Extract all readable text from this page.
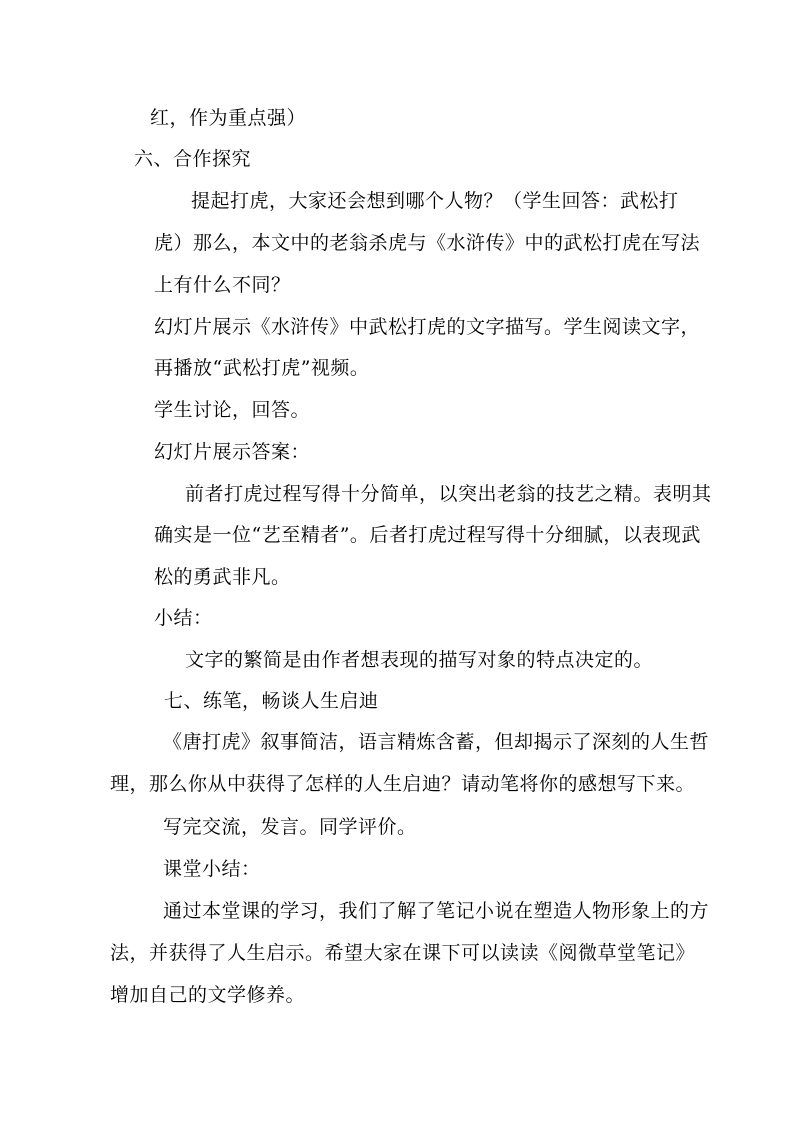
红，作为重点强）
六、合作探究
提起打虎，大家还会想到哪个人物？（学生回答：武松打
虎）那么，本文中的老翁杀虎与《水浒传》中的武松打虎在写法
上有什么不同？
幻灯片展示《水浒传》中武松打虎的文字描写。学生阅读文字，
再播放“武松打虎”视频。
学生讨论，回答。
幻灯片展示答案：
前者打虎过程写得十分简单，以突出老翁的技艺之精。表明其
确实是一位“艺至精者”。后者打虎过程写得十分细腻，以表现武
松的勇武非凡。
小结：
文字的繁简是由作者想表现的描写对象的特点决定的。
七、练笔，畅谈人生启迪
《唐打虎》叙事简洁，语言精炼含蓄，但却揭示了深刻的人生哲
理，那么你从中获得了怎样的人生启迪？请动笔将你的感想写下来。
写完交流，发言。同学评价。
课堂小结：
通过本堂课的学习，我们了解了笔记小说在塑造人物形象上的方
法，并获得了人生启示。希望大家在课下可以读读《阅微草堂笔记》
增加自己的文学修养。
